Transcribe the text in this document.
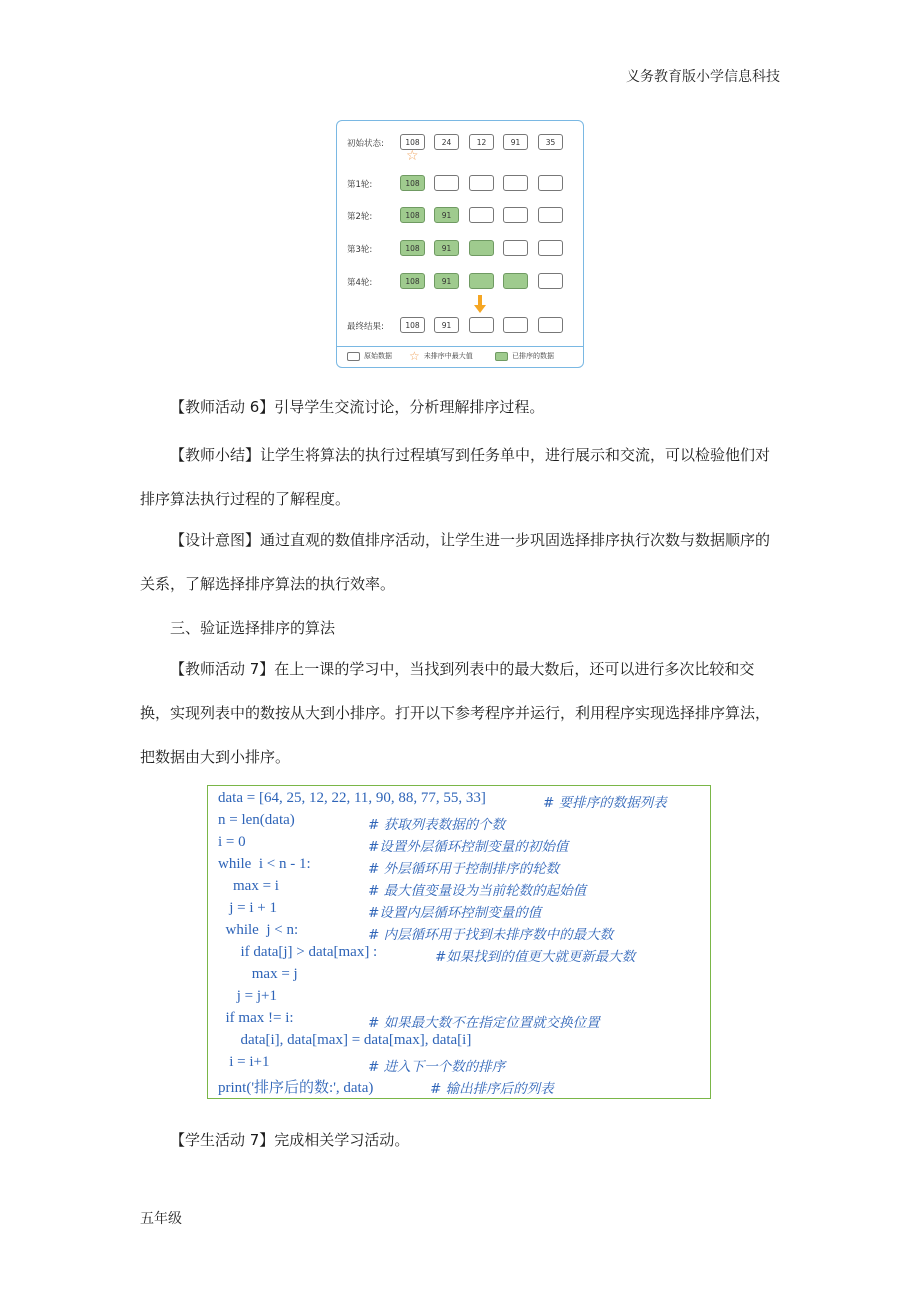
义务教育版小学信息科技
初始状态:	108	24	12	91	35
第1轮:	108
第2轮:	108	91
第3轮:	108	91
第4轮:	108	91
最终结果:	108	91
☆
原始数据 ☆ 未排序中最大值	已排序的数据
【教师活动 6】引导学生交流讨论，分析理解排序过程。
【教师小结】让学生将算法的执行过程填写到任务单中，进行展示和交流，可以检验他们对排序算法执行过程的了解程度。
【设计意图】通过直观的数值排序活动，让学生进一步巩固选择排序执行次数与数据顺序的关系，了解选择排序算法的执行效率。
三、验证选择排序的算法
【教师活动 7】在上一课的学习中，当找到列表中的最大数后，还可以进行多次比较和交换，实现列表中的数按从大到小排序。打开以下参考程序并运行，利用程序实现选择排序算法，把数据由大到小排序。
data = [64, 25, 12, 22, 11, 90, 88, 77, 55, 33]	# 要排序的数据列表
n = len(data)	# 获取列表数据的个数
i = 0	#设置外层循环控制变量的初始值
while  i < n - 1:	# 外层循环用于控制排序的轮数
max = i	# 最大值变量设为当前轮数的起始值
j = i + 1	#设置内层循环控制变量的值
while  j < n:	# 内层循环用于找到未排序数中的最大数
if data[j] > data[max] :	#如果找到的值更大就更新最大数
max = j
j = j+1
if max != i:	# 如果最大数不在指定位置就交换位置
data[i], data[max] = data[max], data[i]
i = i+1	# 进入下一个数的排序
print('排序后的数:', data)	# 输出排序后的列表
【学生活动 7】完成相关学习活动。
五年级
